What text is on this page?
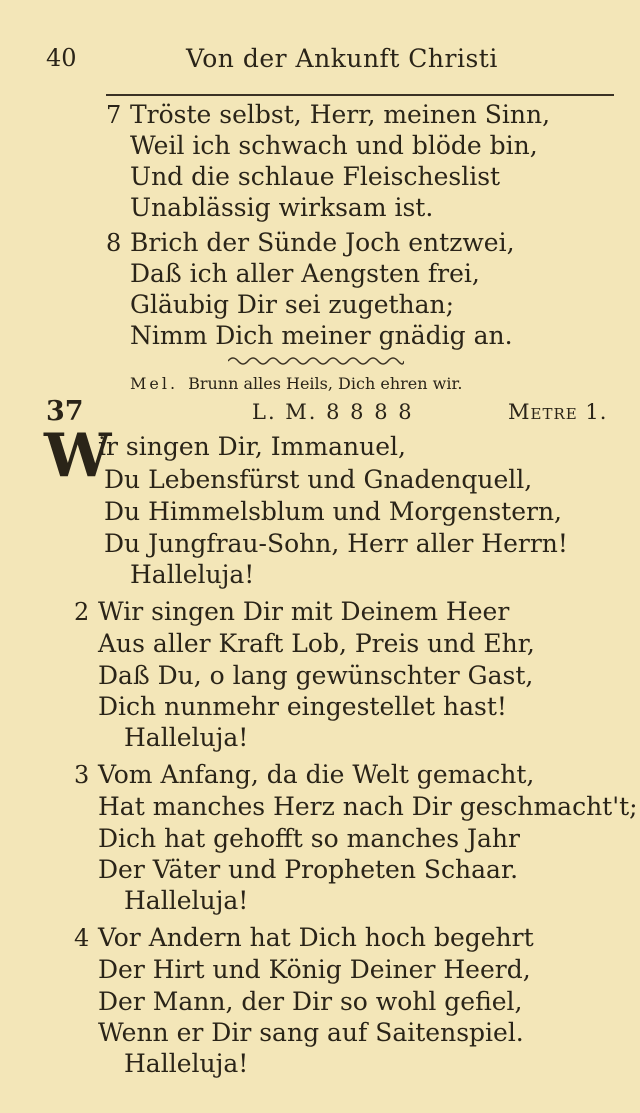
40	Von der Ankunft Christi
7 Tröste selbst, Herr, meinen Sinn,
Weil ich schwach und blöde bin,
Und die schlaue Fleischeslist
Unablässig wirksam ist.
8 Brich der Sünde Joch entzwei,
Daß ich aller Aengsten frei,
Gläubig Dir sei zugethan;
Nimm Dich meiner gnädig an.
Mel. Brunn alles Heils, Dich ehren wir.
37	L. M. 8 8 8 8	Metre 1.
W
ir singen Dir, Immanuel,
Du Lebensfürst und Gnadenquell,
Du Himmelsblum und Morgenstern,
Du Jungfrau-Sohn, Herr aller Herrn!
Halleluja!
2 Wir singen Dir mit Deinem Heer
Aus aller Kraft Lob, Preis und Ehr,
Daß Du, o lang gewünschter Gast,
Dich nunmehr eingestellet hast!
Halleluja!
3 Vom Anfang, da die Welt gemacht,
Hat manches Herz nach Dir geschmacht't;
Dich hat gehofft so manches Jahr
Der Väter und Propheten Schaar.
Halleluja!
4 Vor Andern hat Dich hoch begehrt
Der Hirt und König Deiner Heerd,
Der Mann, der Dir so wohl gefiel,
Wenn er Dir sang auf Saitenspiel.
Halleluja!
